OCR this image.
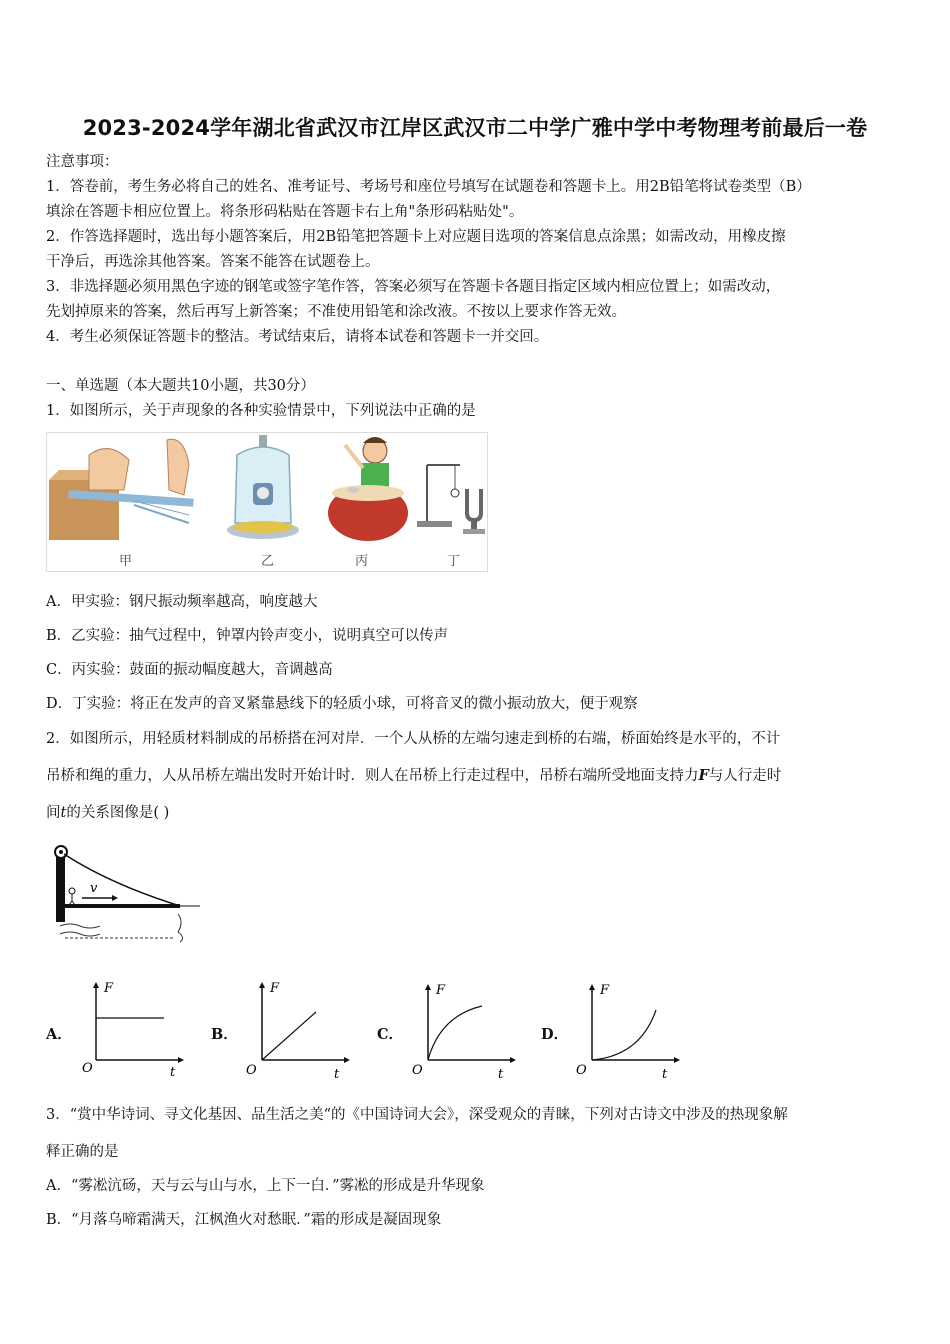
2023-2024学年湖北省武汉市江岸区武汉市二中学广雅中学中考物理考前最后一卷
注意事项：
1．答卷前，考生务必将自己的姓名、准考证号、考场号和座位号填写在试题卷和答题卡上。用2B铅笔将试卷类型（B）
填涂在答题卡相应位置上。将条形码粘贴在答题卡右上角"条形码粘贴处"。
2．作答选择题时，选出每小题答案后，用2B铅笔把答题卡上对应题目选项的答案信息点涂黑；如需改动，用橡皮擦
干净后，再选涂其他答案。答案不能答在试题卷上。
3．非选择题必须用黑色字迹的钢笔或签字笔作答，答案必须写在答题卡各题目指定区域内相应位置上；如需改动，
先划掉原来的答案，然后再写上新答案；不准使用铅笔和涂改液。不按以上要求作答无效。
4．考生必须保证答题卡的整洁。考试结束后，请将本试卷和答题卡一并交回。
一、单选题（本大题共10小题，共30分）
1．如图所示，关于声现象的各种实验情景中，下列说法中正确的是
甲	乙	丙	丁
A．甲实验：钢尺振动频率越高，响度越大
B．乙实验：抽气过程中，钟罩内铃声变小，说明真空可以传声
C．丙实验：鼓面的振动幅度越大，音调越高
D．丁实验：将正在发声的音叉紧靠悬线下的轻质小球，可将音叉的微小振动放大，便于观察
2．如图所示，用轻质材料制成的吊桥搭在河对岸．一个人从桥的左端匀速走到桥的右端，桥面始终是水平的，不计
吊桥和绳的重力，人从吊桥左端出发时开始计时．则人在吊桥上行走过程中，吊桥右端所受地面支持力F与人行走时
间t的关系图像是( )
v
A．
F
O	t
B．
F
O	t
C．
F
O	t
D．
F
O	t
3．“赏中华诗词、寻文化基因、品生活之美“的《中国诗词大会》，深受观众的青睐，下列对古诗文中涉及的热现象解
释正确的是
A．“雾凇沆砀，天与云与山与水，上下一白．”雾凇的形成是升华现象
B．“月落乌啼霜满天，江枫渔火对愁眠．”霜的形成是凝固现象
